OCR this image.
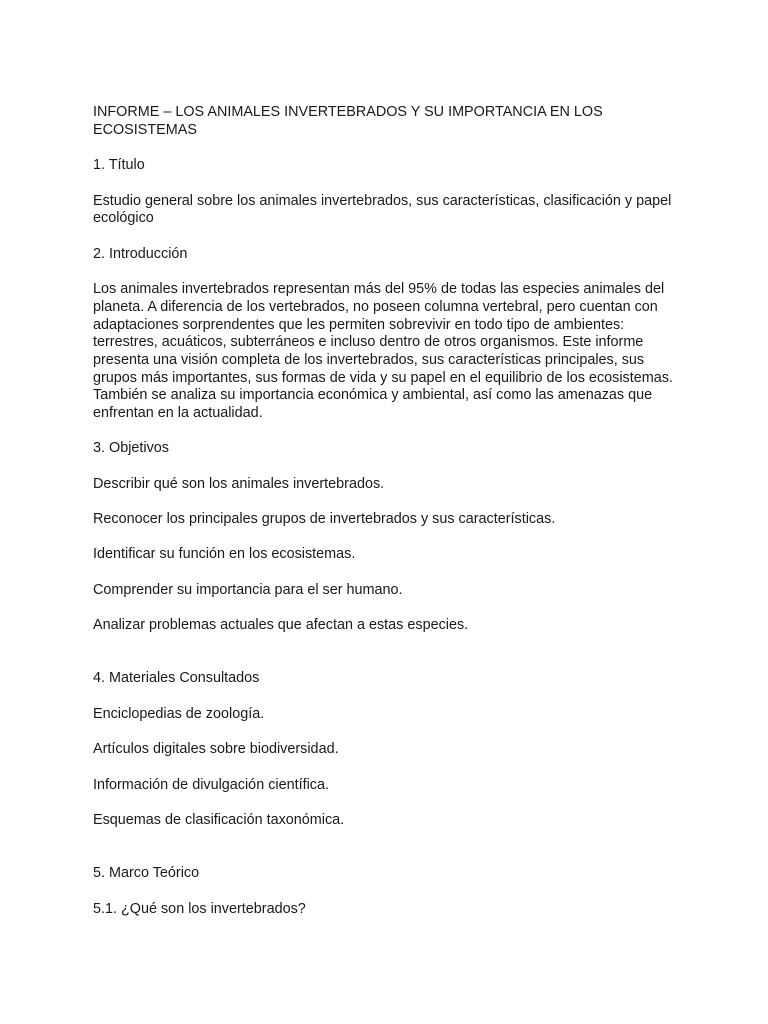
INFORME – LOS ANIMALES INVERTEBRADOS Y SU IMPORTANCIA EN LOS

ECOSISTEMAS

1. Título

Estudio general sobre los animales invertebrados, sus características, clasificación y papel

ecológico

2. Introducción

Los animales invertebrados representan más del 95% de todas las especies animales del

planeta. A diferencia de los vertebrados, no poseen columna vertebral, pero cuentan con

adaptaciones sorprendentes que les permiten sobrevivir en todo tipo de ambientes:

terrestres, acuáticos, subterráneos e incluso dentro de otros organismos. Este informe

presenta una visión completa de los invertebrados, sus características principales, sus

grupos más importantes, sus formas de vida y su papel en el equilibrio de los ecosistemas.

También se analiza su importancia económica y ambiental, así como las amenazas que

enfrentan en la actualidad.

3. Objetivos

Describir qué son los animales invertebrados.

Reconocer los principales grupos de invertebrados y sus características.

Identificar su función en los ecosistemas.

Comprender su importancia para el ser humano.

Analizar problemas actuales que afectan a estas especies.

4. Materiales Consultados

Enciclopedias de zoología.

Artículos digitales sobre biodiversidad.

Información de divulgación científica.

Esquemas de clasificación taxonómica.

5. Marco Teórico

5.1. ¿Qué son los invertebrados?
